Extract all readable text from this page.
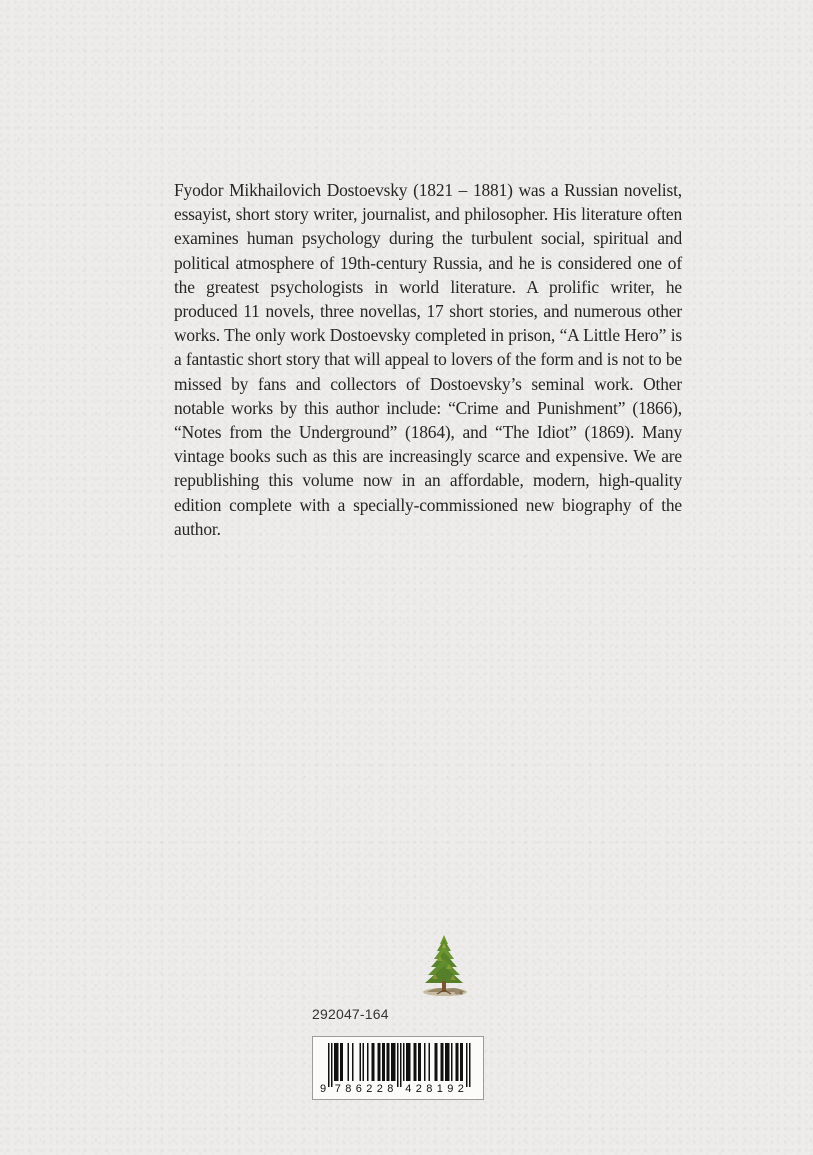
Fyodor Mikhailovich Dostoevsky (1821 – 1881) was a Russian novelist, essayist, short story writer, journalist, and philosopher. His literature often examines human psychology during the turbulent social, spiritual and political atmosphere of 19th-century Russia, and he is considered one of the greatest psychologists in world literature. A prolific writer, he produced 11 novels, three novellas, 17 short stories, and numerous other works. The only work Dostoevsky completed in prison, “A Little Hero” is a fantastic short story that will appeal to lovers of the form and is not to be missed by fans and collectors of Dostoevsky’s seminal work. Other notable works by this author include: “Crime and Punishment” (1866), “Notes from the Underground” (1864), and “The Idiot” (1869). Many vintage books such as this are increasingly scarce and expensive. We are republishing this volume now in an affordable, modern, high-quality edition complete with a specially-commissioned new biography of the author.

292047-164
9 7 8 6 2 2 8 4 2 8 1 9 2
